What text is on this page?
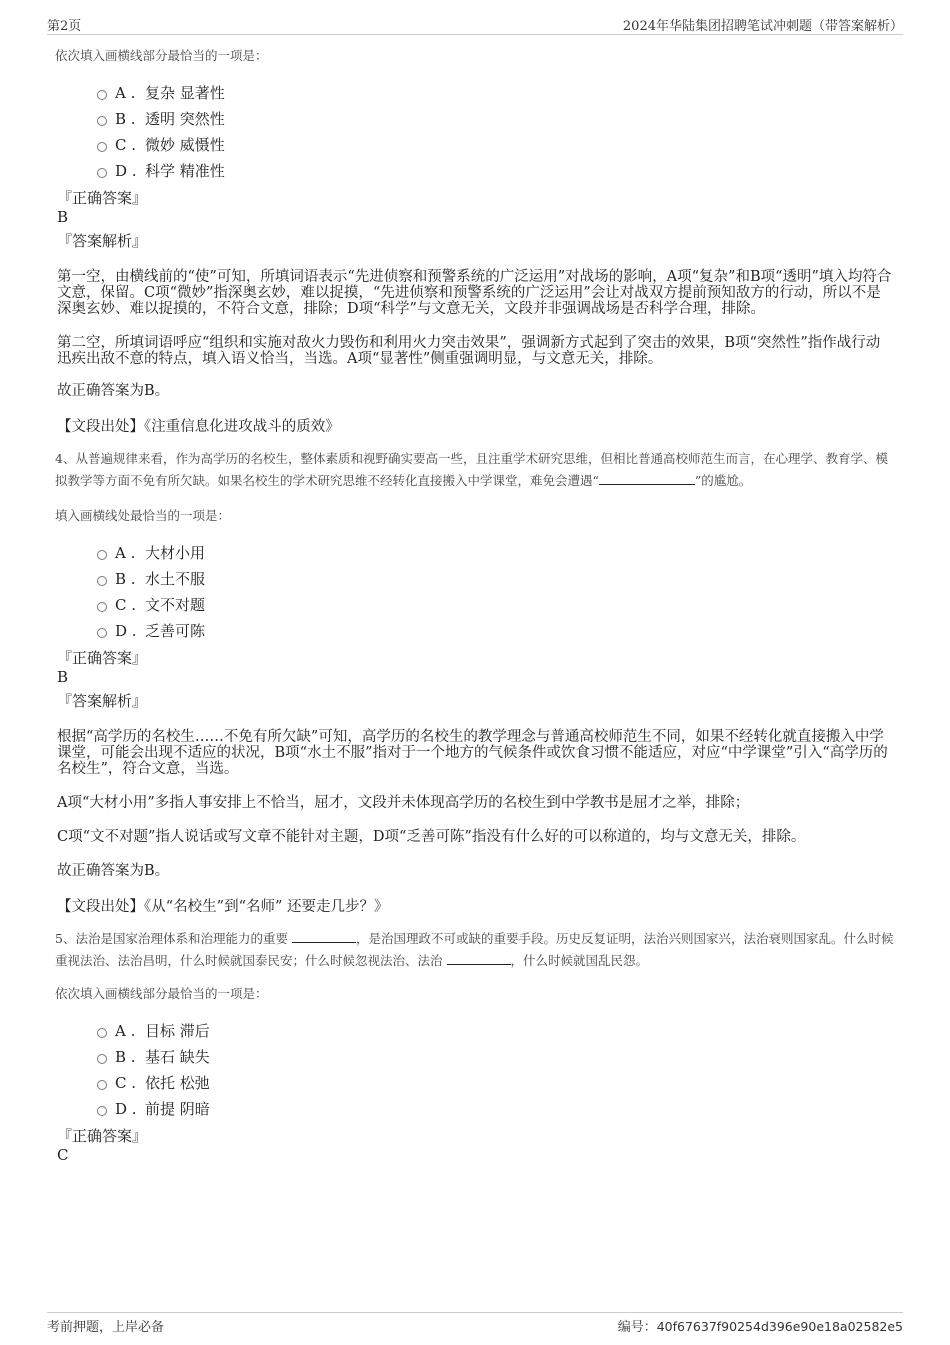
第2页	2024年华陆集团招聘笔试冲刺题（带答案解析）
依次填入画横线部分最恰当的一项是：
A . 复杂 显著性
B . 透明 突然性
C . 微妙 威慑性
D . 科学 精准性
『正确答案』
B
『答案解析』

第一空，由横线前的“使”可知，所填词语表示“先进侦察和预警系统的广泛运用”对战场的影响，A项“复杂”和B项“透明”填入均符合文意，保留。C项“微妙”指深奥玄妙，难以捉摸，“先进侦察和预警系统的广泛运用”会让对战双方提前预知敌方的行动，所以不是深奥玄妙、难以捉摸的，不符合文意，排除；D项“科学”与文意无关，文段并非强调战场是否科学合理，排除。

第二空，所填词语呼应“组织和实施对敌火力毁伤和利用火力突击效果”，强调新方式起到了突击的效果，B项“突然性”指作战行动迅疾出敌不意的特点，填入语义恰当，当选。A项“显著性”侧重强调明显，与文意无关，排除。

故正确答案为B。

【文段出处】《注重信息化进攻战斗的质效》

4、从普遍规律来看，作为高学历的名校生，整体素质和视野确实要高一些，且注重学术研究思维，但相比普通高校师范生而言，在心理学、教育学、模拟教学等方面不免有所欠缺。如果名校生的学术研究思维不经转化直接搬入中学课堂，难免会遭遇“	”的尴尬。

填入画横线处最恰当的一项是：
A . 大材小用
B . 水土不服
C . 文不对题
D . 乏善可陈
『正确答案』
B
『答案解析』

根据“高学历的名校生……不免有所欠缺”可知，高学历的名校生的教学理念与普通高校师范生不同，如果不经转化就直接搬入中学课堂，可能会出现不适应的状况，B项“水土不服”指对于一个地方的气候条件或饮食习惯不能适应，对应“中学课堂”引入“高学历的名校生”，符合文意，当选。

A项“大材小用”多指人事安排上不恰当，屈才，文段并未体现高学历的名校生到中学教书是屈才之举，排除；

C项“文不对题”指人说话或写文章不能针对主题，D项“乏善可陈”指没有什么好的可以称道的，均与文意无关，排除。

故正确答案为B。

【文段出处】《从“名校生”到“名师” 还要走几步？》

5、法治是国家治理体系和治理能力的重要	，是治国理政不可或缺的重要手段。历史反复证明，法治兴则国家兴，法治衰则国家乱。什么时候重视法治、法治昌明，什么时候就国泰民安；什么时候忽视法治、法治	，什么时候就国乱民怨。

依次填入画横线部分最恰当的一项是：
A . 目标 滞后
B . 基石 缺失
C . 依托 松弛
D . 前提 阴暗
『正确答案』
C
考前押题，上岸必备	编号：40f67637f90254d396e90e18a02582e5
